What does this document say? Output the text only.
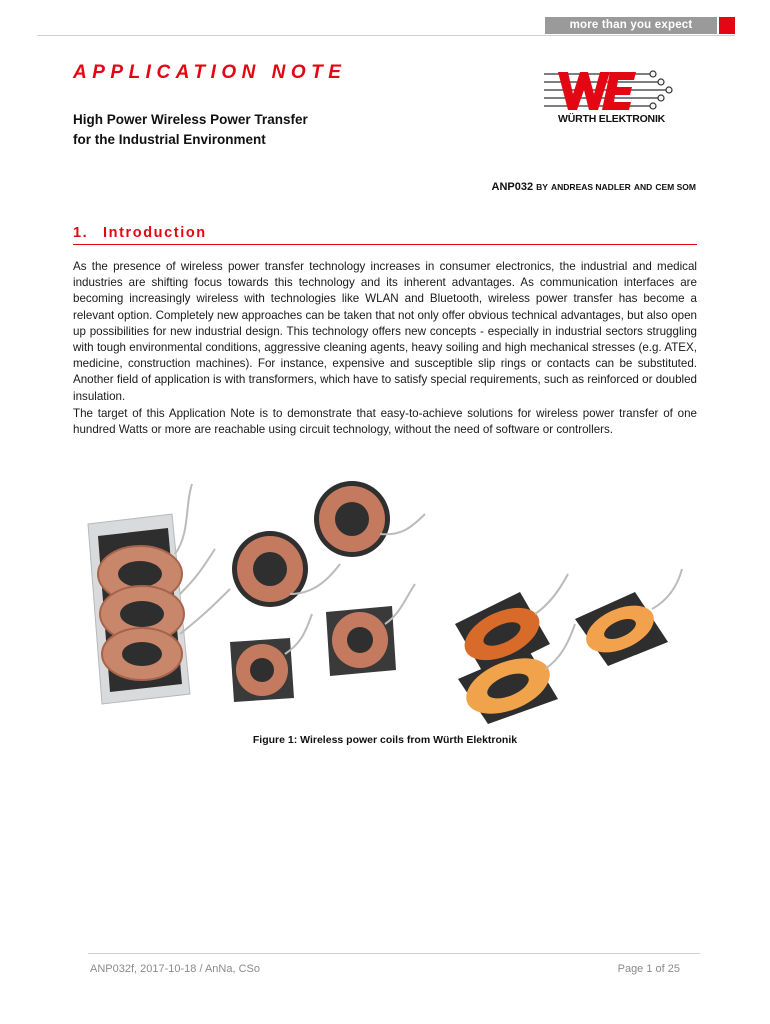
more than you expect
APPLICATION NOTE
High Power Wireless Power Transfer
for the Industrial Environment
WÜRTH ELEKTRONIK
ANP032 BY ANDREAS NADLER AND CEM SOM
1. Introduction

As the presence of wireless power transfer technology increases in consumer electronics, the industrial and medical industries are shifting focus towards this technology and its inherent advantages. As communication interfaces are becoming increasingly wireless with technologies like WLAN and Bluetooth, wireless power transfer has become a relevant option. Completely new approaches can be taken that not only offer obvious technical advantages, but also open up possibilities for new industrial design. This technology offers new concepts - especially in industrial sectors struggling with tough environmental conditions, aggressive cleaning agents, heavy soiling and high mechanical stresses (e.g. ATEX, medicine, construction machines). For instance, expensive and susceptible slip rings or contacts can be substituted. Another field of application is with transformers, which have to satisfy special requirements, such as reinforced or doubled insulation.

The target of this Application Note is to demonstrate that easy-to-achieve solutions for wireless power transfer of one hundred Watts or more are reachable using circuit technology, without the need of software or controllers.

Figure 1: Wireless power coils from Würth Elektronik
ANP032f, 2017-10-18 / AnNa, CSo	Page 1 of 25
